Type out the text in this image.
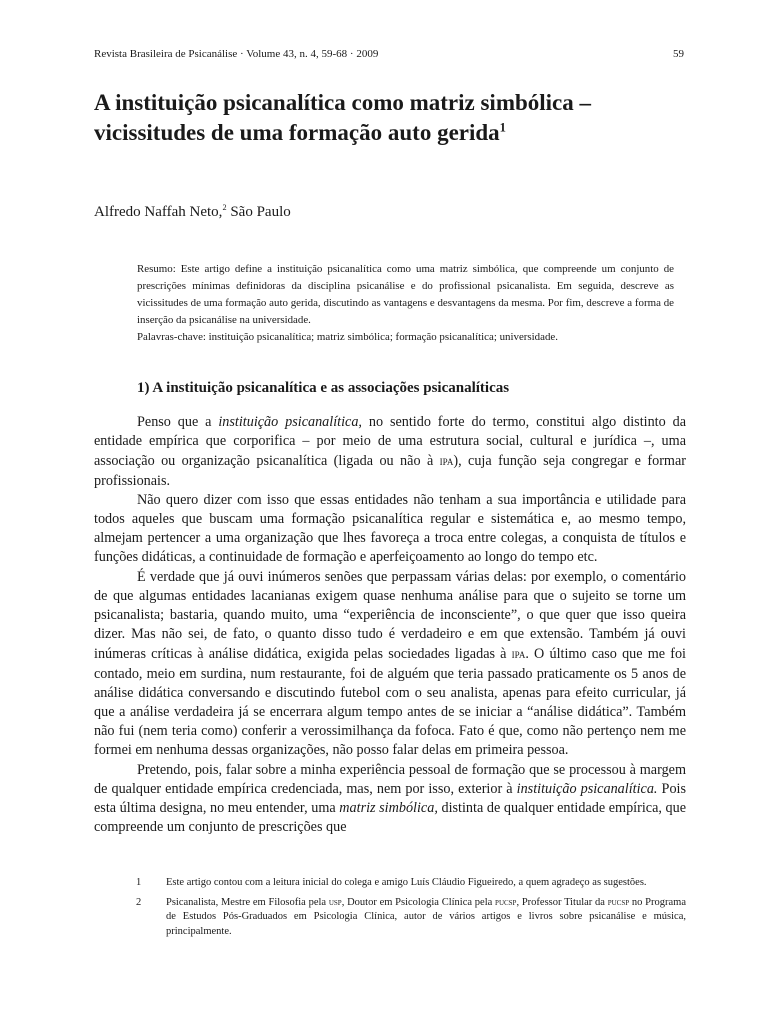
Revista Brasileira de Psicanálise · Volume 43, n. 4, 59-68 · 2009	59
A instituição psicanalítica como matriz simbólica –
vicissitudes de uma formação auto gerida$^1$

Alfredo Naffah Neto,$^2$ São Paulo

Resumo: Este artigo define a instituição psicanalítica como uma matriz simbólica, que compreende um conjunto de prescrições mínimas definidoras da disciplina psicanálise e do profissional psicanalista. Em seguida, descreve as vicissitudes de uma formação auto gerida, discutindo as vantagens e desvantagens da mesma. Por fim, descreve a forma de inserção da psicanálise na universidade.

Palavras-chave: instituição psicanalítica; matriz simbólica; formação psicanalítica; universidade.

1) A instituição psicanalítica e as associações psicanalíticas

Penso que a instituição psicanalítica, no sentido forte do termo, constitui algo distinto da entidade empírica que corporifica – por meio de uma estrutura social, cultural e jurídica –, uma associação ou organização psicanalítica (ligada ou não à ipa), cuja função seja congregar e formar profissionais.

Não quero dizer com isso que essas entidades não tenham a sua importância e utilidade para todos aqueles que buscam uma formação psicanalítica regular e sistemática e, ao mesmo tempo, almejam pertencer a uma organização que lhes favoreça a troca entre colegas, a conquista de títulos e funções didáticas, a continuidade de formação e aperfeiçoamento ao longo do tempo etc.

É verdade que já ouvi inúmeros senões que perpassam várias delas: por exemplo, o comentário de que algumas entidades lacanianas exigem quase nenhuma análise para que o sujeito se torne um psicanalista; bastaria, quando muito, uma “experiência de inconsciente”, o que quer que isso queira dizer. Mas não sei, de fato, o quanto disso tudo é verdadeiro e em que extensão. Também já ouvi inúmeras críticas à análise didática, exigida pelas sociedades ligadas à ipa. O último caso que me foi contado, meio em surdina, num restaurante, foi de alguém que teria passado praticamente os 5 anos de análise didática conversando e discutindo futebol com o seu analista, apenas para efeito curricular, já que a análise verdadeira já se encerrara algum tempo antes de se iniciar a “análise didática”. Também não fui (nem teria como) conferir a verossimilhança da fofoca. Fato é que, como não pertenço nem me formei em nenhuma dessas organizações, não posso falar delas em primeira pessoa.

Pretendo, pois, falar sobre a minha experiência pessoal de formação que se processou à margem de qualquer entidade empírica credenciada, mas, nem por isso, exterior à instituição psicanalítica. Pois esta última designa, no meu entender, uma matriz simbólica, distinta de qualquer entidade empírica, que compreende um conjunto de prescrições que

1	Este artigo contou com a leitura inicial do colega e amigo Luís Cláudio Figueiredo, a quem agradeço as sugestões.
2	Psicanalista, Mestre em Filosofia pela usp, Doutor em Psicologia Clínica pela pucsp, Professor Titular da pucsp no Programa de Estudos Pós-Graduados em Psicologia Clínica, autor de vários artigos e livros sobre psicanálise e música, principalmente.
